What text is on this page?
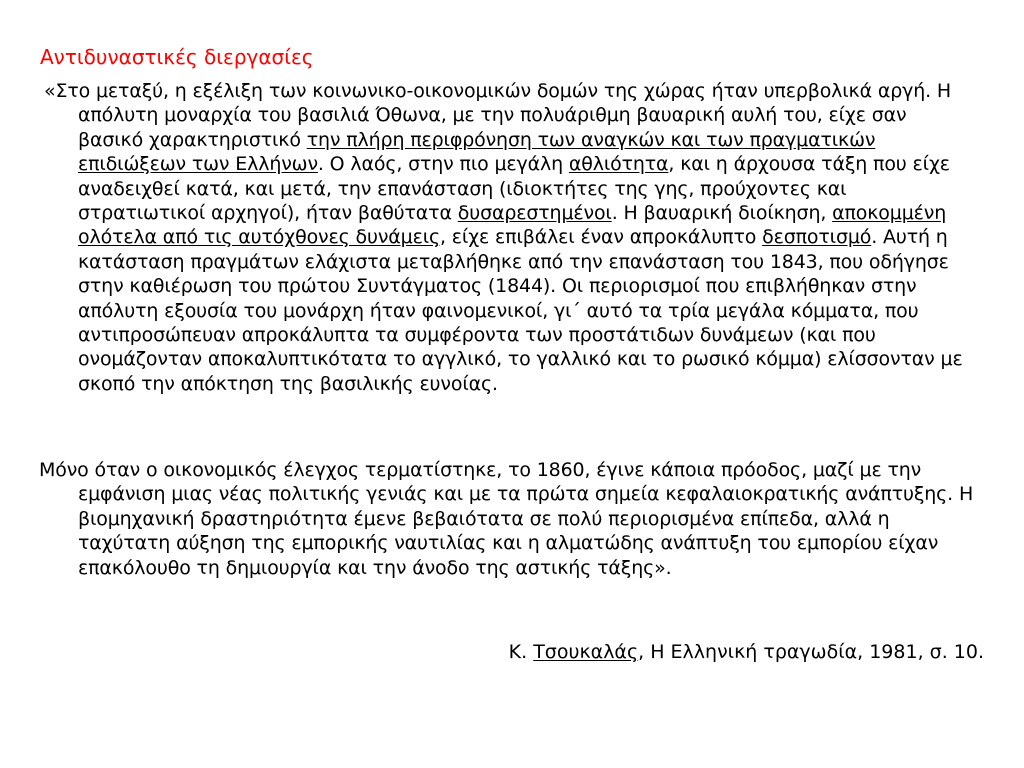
Αντιδυναστικές διεργασίες

«Στο μεταξύ, η εξέλιξη των κοινωνικο-οικονομικών δομών της χώρας ήταν υπερβολικά αργή. Η απόλυτη μοναρχία του βασιλιά Όθωνα, με την πολυάριθμη βαυαρική αυλή του, είχε σαν βασικό χαρακτηριστικό την πλήρη περιφρόνηση των αναγκών και των πραγματικών επιδιώξεων των Ελλήνων. Ο λαός, στην πιο μεγάλη αθλιότητα, και η άρχουσα τάξη που είχε αναδειχθεί κατά, και μετά, την επανάσταση (ιδιοκτήτες της γης, προύχοντες και στρατιωτικοί αρχηγοί), ήταν βαθύτατα δυσαρεστημένοι. Η βαυαρική διοίκηση, αποκομμένη ολότελα από τις αυτόχθονες δυνάμεις, είχε επιβάλει έναν απροκάλυπτο δεσποτισμό. Αυτή η κατάσταση πραγμάτων ελάχιστα μεταβλήθηκε από την επανάσταση του 1843, που οδήγησε στην καθιέρωση του πρώτου Συντάγματος (1844). Οι περιορισμοί που επιβλήθηκαν στην απόλυτη εξουσία του μονάρχη ήταν φαινομενικοί, γι΄ αυτό τα τρία μεγάλα κόμματα, που αντιπροσώπευαν απροκάλυπτα τα συμφέροντα των προστάτιδων δυνάμεων (και που ονομάζονταν αποκαλυπτικότατα το αγγλικό, το γαλλικό και το ρωσικό κόμμα) ελίσσονταν με σκοπό την απόκτηση της βασιλικής ευνοίας.

Μόνο όταν ο οικονομικός έλεγχος τερματίστηκε, το 1860, έγινε κάποια πρόοδος, μαζί με την εμφάνιση μιας νέας πολιτικής γενιάς και με τα πρώτα σημεία κεφαλαιοκρατικής ανάπτυξης. Η βιομηχανική δραστηριότητα έμενε βεβαιότατα σε πολύ περιορισμένα επίπεδα, αλλά η ταχύτατη αύξηση της εμπορικής ναυτιλίας και η αλματώδης ανάπτυξη του εμπορίου είχαν επακόλουθο τη δημιουργία και την άνοδο της αστικής τάξης».

Κ. Τσουκαλάς, Η Ελληνική τραγωδία, 1981, σ. 10.
